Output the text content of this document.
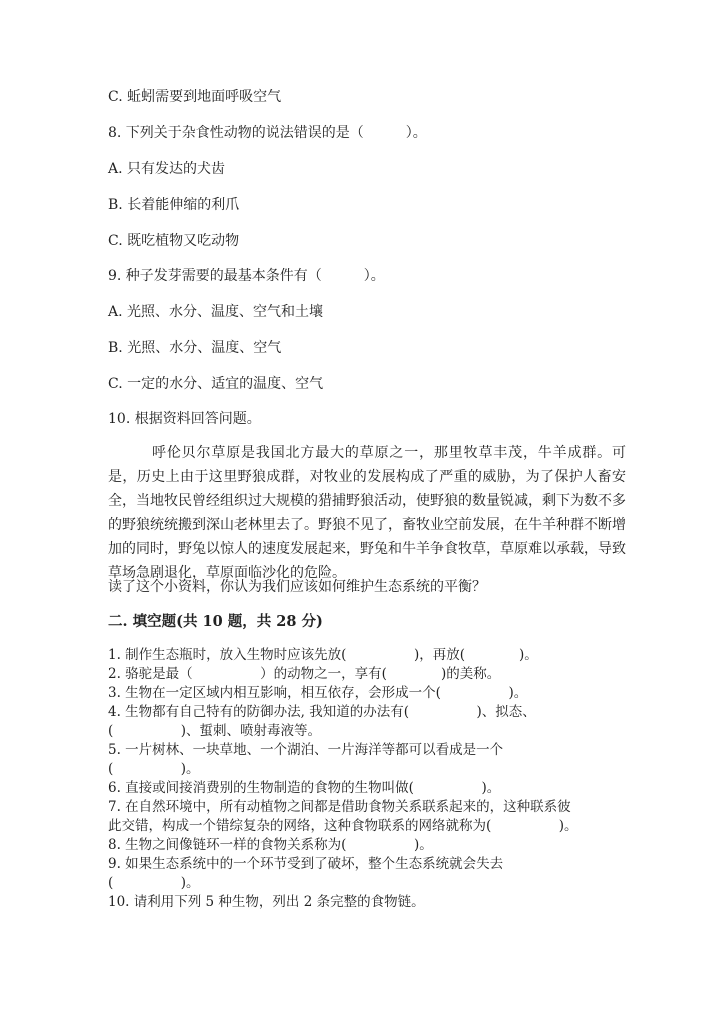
C. 蚯蚓需要到地面呼吸空气
8. 下列关于杂食性动物的说法错误的是（　　　）。
A. 只有发达的犬齿
B. 长着能伸缩的利爪
C. 既吃植物又吃动物
9. 种子发芽需要的最基本条件有（　　　）。
A. 光照、水分、温度、空气和土壤
B. 光照、水分、温度、空气
C. 一定的水分、适宜的温度、空气
10. 根据资料回答问题。
呼伦贝尔草原是我国北方最大的草原之一，那里牧草丰茂，牛羊成群。可是，历史上由于这里野狼成群，对牧业的发展构成了严重的威胁，为了保护人畜安全，当地牧民曾经组织过大规模的猎捕野狼活动，使野狼的数量锐减，剩下为数不多的野狼统统搬到深山老林里去了。野狼不见了，畜牧业空前发展，在牛羊种群不断增加的同时，野兔以惊人的速度发展起来，野兔和牛羊争食牧草，草原难以承载，导致草场急剧退化，草原面临沙化的危险。
读了这个小资料，你认为我们应该如何维护生态系统的平衡？
二. 填空题(共 10 题，共 28 分)
1. 制作生态瓶时，放入生物时应该先放(　　　　　)，再放(　　　　)。
2. 骆驼是最（　　　　　）的动物之一，享有(　　　　)的美称。
3. 生物在一定区域内相互影响，相互依存，会形成一个(　　　　　)。
4. 生物都有自己特有的防御办法, 我知道的办法有(　　　　　)、拟态、
(　　　　　)、蜇刺、喷射毒液等。
5. 一片树林、一块草地、一个湖泊、一片海洋等都可以看成是一个
(　　　　　)。
6. 直接或间接消费别的生物制造的食物的生物叫做(　　　　　)。
7. 在自然环境中，所有动植物之间都是借助食物关系联系起来的，这种联系彼
此交错，构成一个错综复杂的网络，这种食物联系的网络就称为(　　　　　)。
8. 生物之间像链环一样的食物关系称为(　　　　　)。
9. 如果生态系统中的一个环节受到了破坏，整个生态系统就会失去
(　　　　　)。
10. 请利用下列 5 种生物，列出 2 条完整的食物链。
